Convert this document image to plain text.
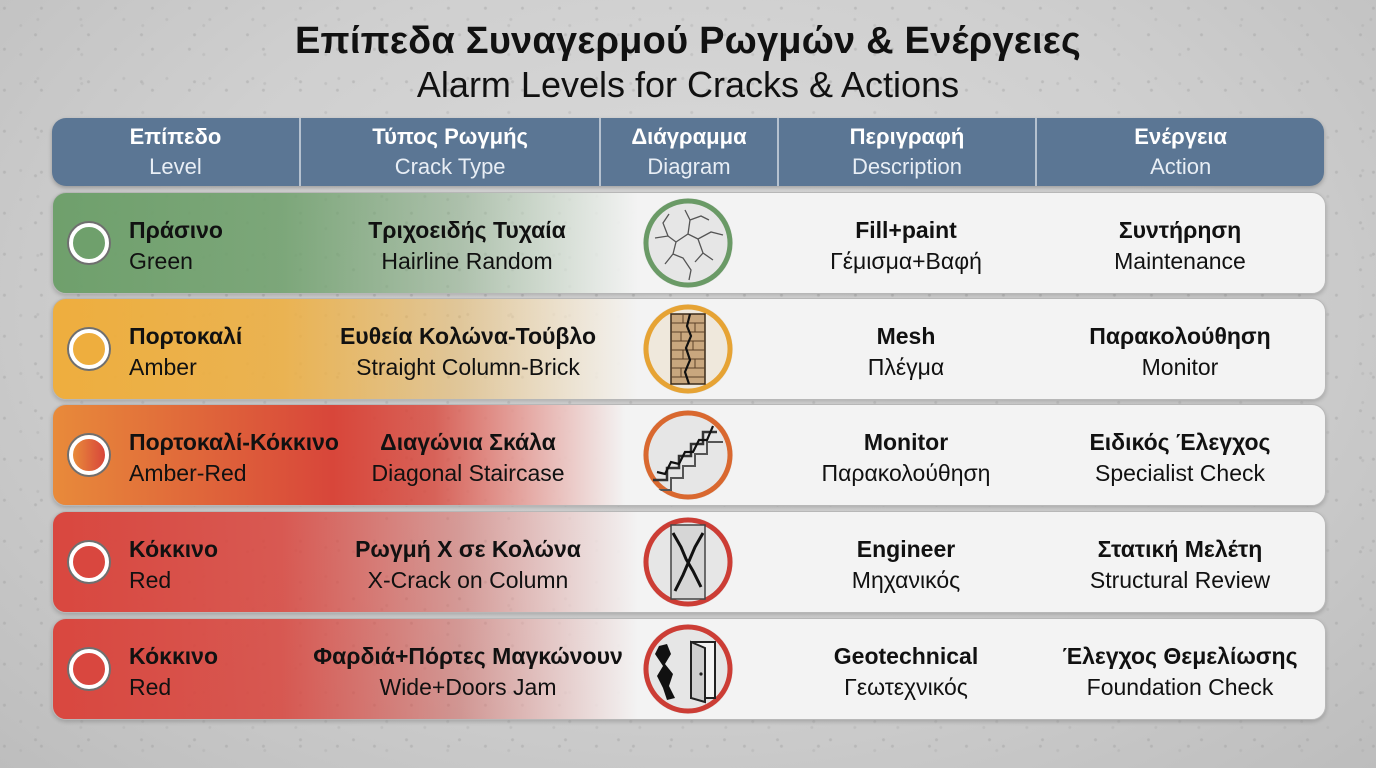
Επίπεδα Συναγερμού Ρωγμών & Ενέργειες
Alarm Levels for Cracks & Actions
Επίπεδο
Level
Τύπος Ρωγμής
Crack Type
Διάγραμμα
Diagram
Περιγραφή
Description
Ενέργεια
Action
Πράσινο
Green
Τριχοειδής Τυχαία
Hairline Random
Fill+paint
Γέμισμα+Βαφή
Συντήρηση
Maintenance
Πορτοκαλί
Amber
Ευθεία Κολώνα-Τούβλο
Straight Column-Brick
Mesh
Πλέγμα
Παρακολούθηση
Monitor
Πορτοκαλί-Κόκκινο
Amber-Red
Διαγώνια Σκάλα
Diagonal Staircase
Monitor
Παρακολούθηση
Ειδικός Έλεγχος
Specialist Check
Κόκκινο
Red
Ρωγμή Χ σε Κολώνα
X-Crack on Column
Engineer
Μηχανικός
Στατική Μελέτη
Structural Review
Κόκκινο
Red
Φαρδιά+Πόρτες Μαγκώνουν
Wide+Doors Jam
Geotechnical
Γεωτεχνικός
Έλεγχος Θεμελίωσης
Foundation Check
